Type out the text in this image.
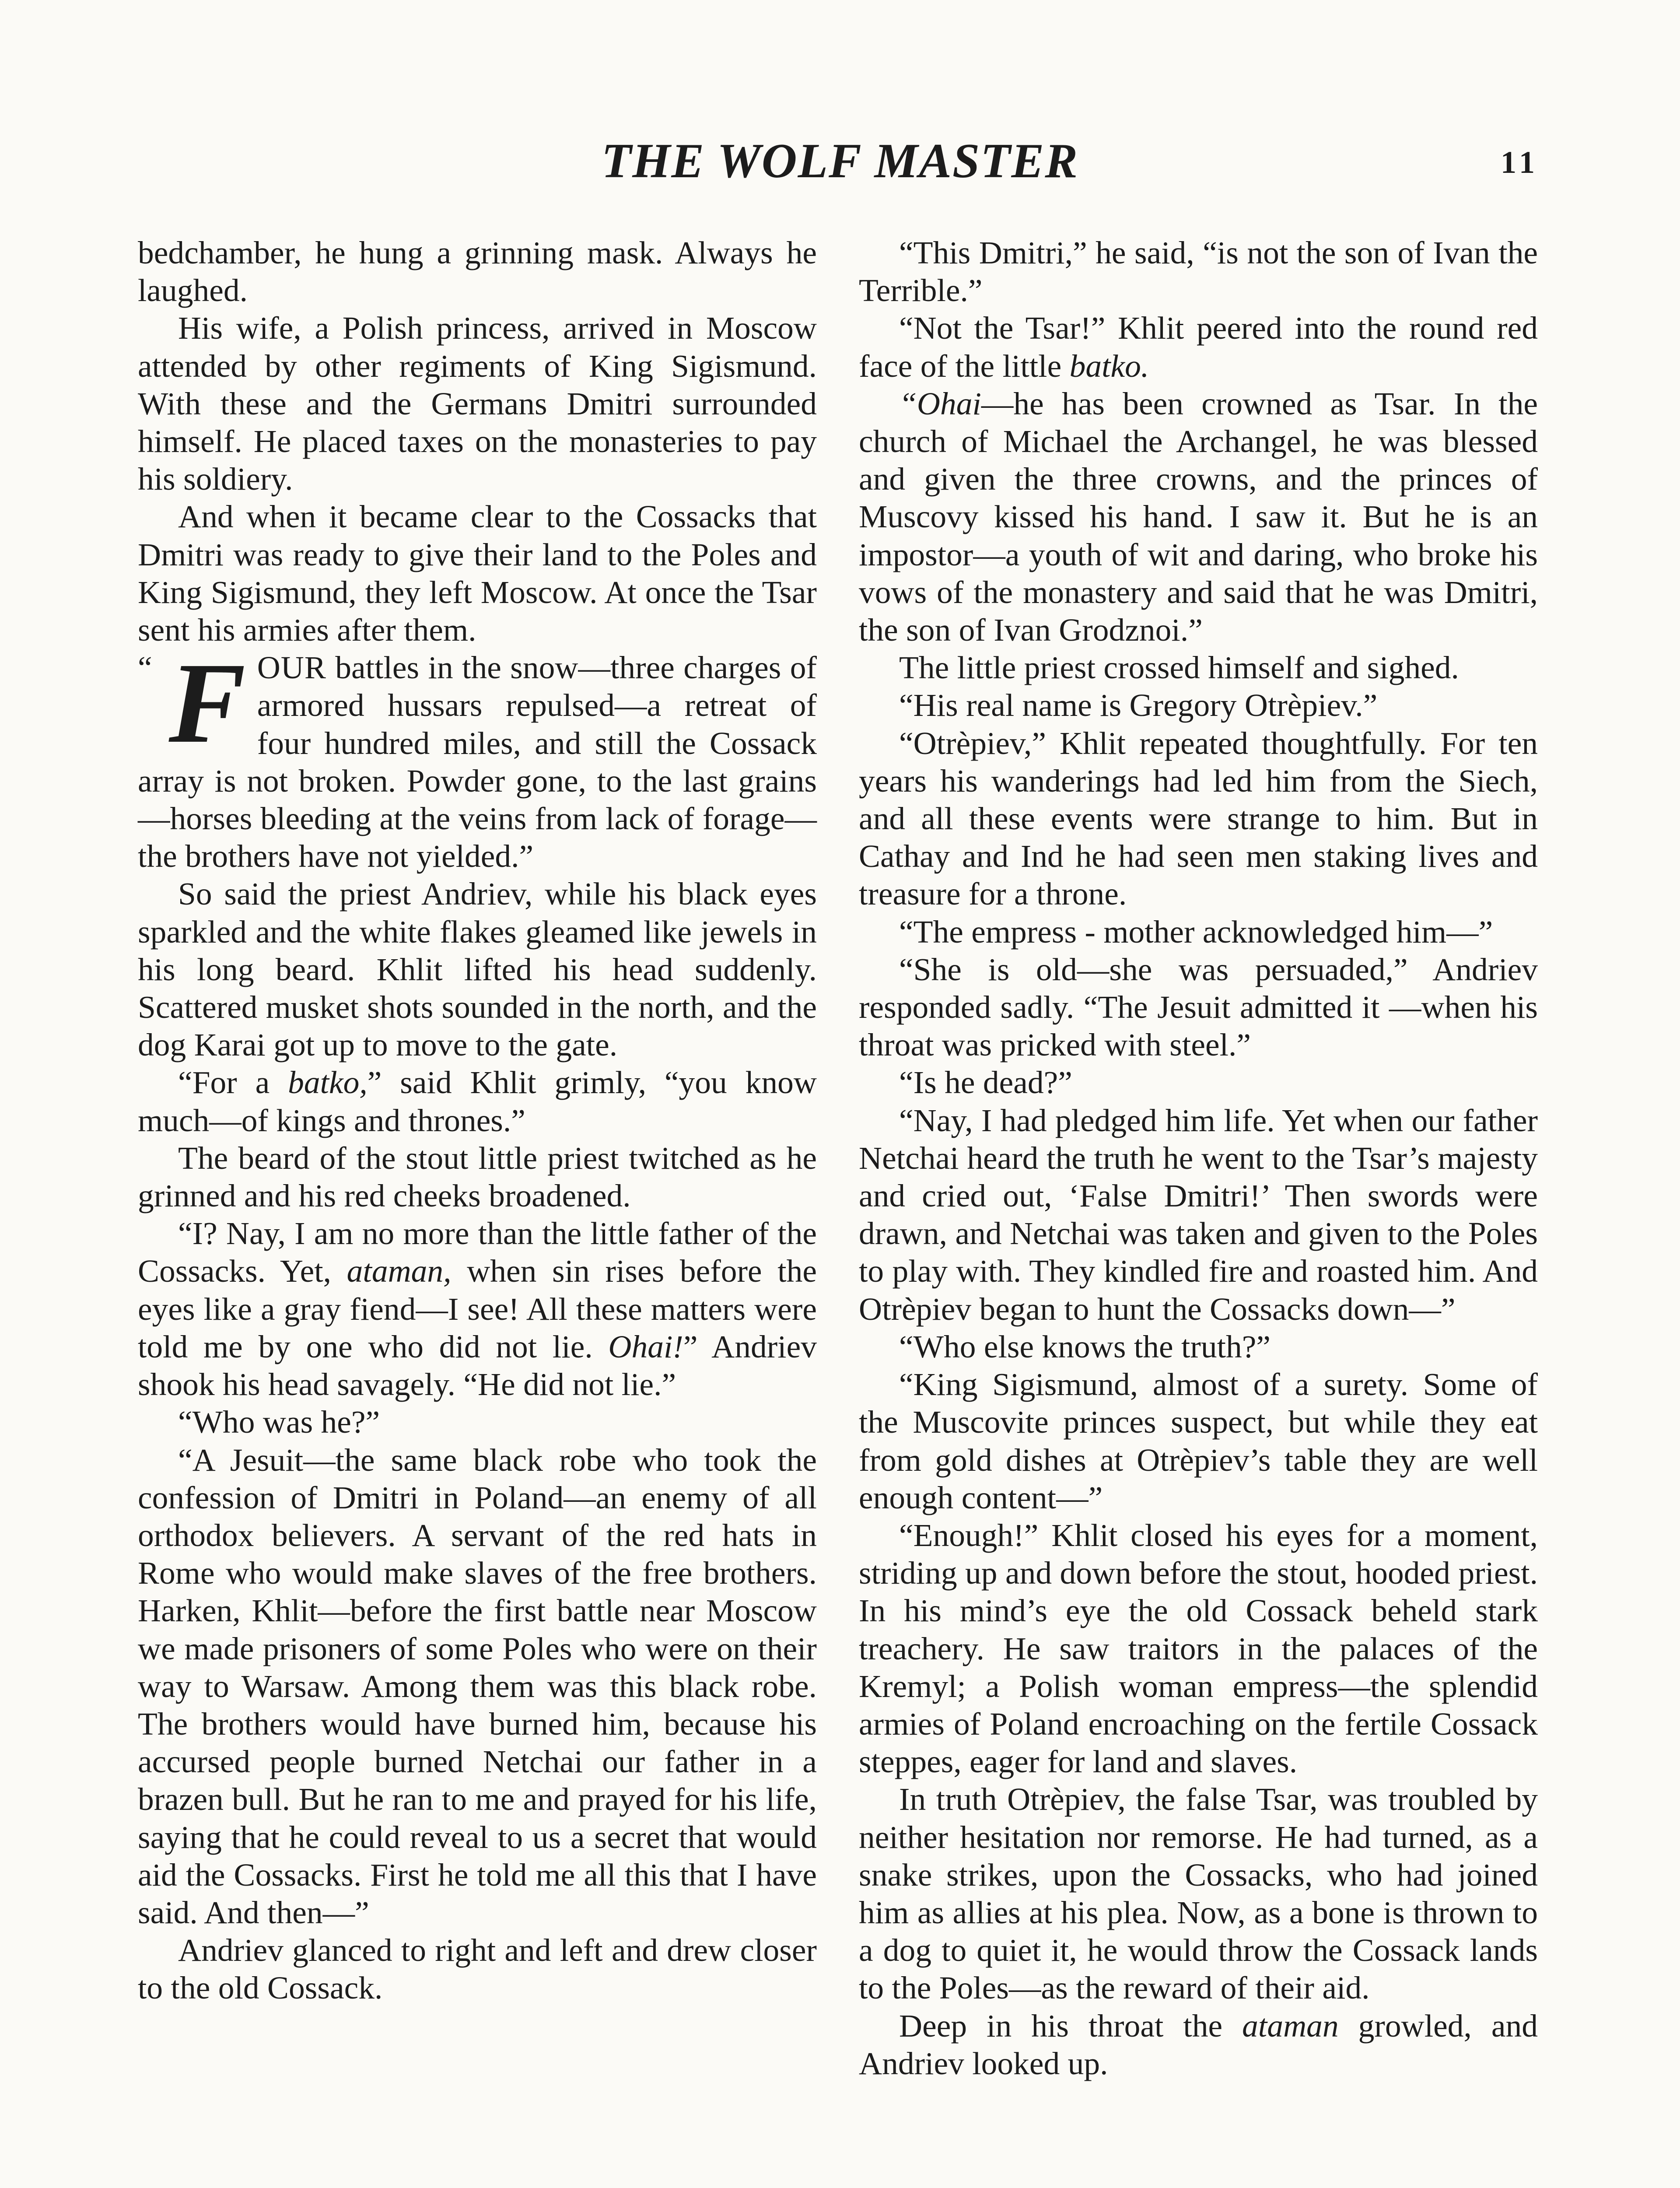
THE WOLF MASTER	11

bedchamber, he hung a grinning mask. Always he laughed.

His wife, a Polish princess, arrived in Moscow attended by other regiments of King Sigismund. With these and the Germans Dmitri surrounded himself. He placed taxes on the monasteries to pay his soldiery.

And when it became clear to the Cossacks that Dmitri was ready to give their land to the Poles and King Sigismund, they left Moscow. At once the Tsar sent his armies after them.

“ F OUR battles in the snow—three charges of armored hussars repulsed—a retreat of four hundred miles, and still the Cossack array is not broken. Powder gone, to the last grains—horses bleeding at the veins from lack of forage—the brothers have not yielded.”

So said the priest Andriev, while his black eyes sparkled and the white flakes gleamed like jewels in his long beard. Khlit lifted his head suddenly. Scattered musket shots sounded in the north, and the dog Karai got up to move to the gate.

“For a batko,” said Khlit grimly, “you know much—of kings and thrones.”

The beard of the stout little priest twitched as he grinned and his red cheeks broadened.

“I? Nay, I am no more than the little father of the Cossacks. Yet, ataman, when sin rises before the eyes like a gray fiend—I see! All these matters were told me by one who did not lie. Ohai!” Andriev shook his head savagely. “He did not lie.”

“Who was he?”

“A Jesuit—the same black robe who took the confession of Dmitri in Poland—an enemy of all orthodox believers. A servant of the red hats in Rome who would make slaves of the free brothers. Harken, Khlit—before the first battle near Moscow we made prisoners of some Poles who were on their way to Warsaw. Among them was this black robe. The brothers would have burned him, because his accursed people burned Netchai our father in a brazen bull. But he ran to me and prayed for his life, saying that he could reveal to us a secret that would aid the Cossacks. First he told me all this that I have said. And then—”

Andriev glanced to right and left and drew closer to the old Cossack.

“This Dmitri,” he said, “is not the son of Ivan the Terrible.”

“Not the Tsar!” Khlit peered into the round red face of the little batko.

“Ohai—he has been crowned as Tsar. In the church of Michael the Archangel, he was blessed and given the three crowns, and the princes of Muscovy kissed his hand. I saw it. But he is an impostor—a youth of wit and daring, who broke his vows of the monastery and said that he was Dmitri, the son of Ivan Grodznoi.”

The little priest crossed himself and sighed.

“His real name is Gregory Otrèpiev.”

“Otrèpiev,” Khlit repeated thoughtfully. For ten years his wanderings had led him from the Siech, and all these events were strange to him. But in Cathay and Ind he had seen men staking lives and treasure for a throne.

“The empress - mother acknowledged him—”

“She is old—she was persuaded,” Andriev responded sadly. “The Jesuit admitted it —when his throat was pricked with steel.”

“Is he dead?”

“Nay, I had pledged him life. Yet when our father Netchai heard the truth he went to the Tsar’s majesty and cried out, ‘False Dmitri!’ Then swords were drawn, and Netchai was taken and given to the Poles to play with. They kindled fire and roasted him. And Otrèpiev began to hunt the Cossacks down—”

“Who else knows the truth?”

“King Sigismund, almost of a surety. Some of the Muscovite princes suspect, but while they eat from gold dishes at Otrèpiev’s table they are well enough content—”

“Enough!” Khlit closed his eyes for a moment, striding up and down before the stout, hooded priest. In his mind’s eye the old Cossack beheld stark treachery. He saw traitors in the palaces of the Kremyl; a Polish woman empress—the splendid armies of Poland encroaching on the fertile Cossack steppes, eager for land and slaves.

In truth Otrèpiev, the false Tsar, was troubled by neither hesitation nor remorse. He had turned, as a snake strikes, upon the Cossacks, who had joined him as allies at his plea. Now, as a bone is thrown to a dog to quiet it, he would throw the Cossack lands to the Poles—as the reward of their aid.

Deep in his throat the ataman growled, and Andriev looked up.
